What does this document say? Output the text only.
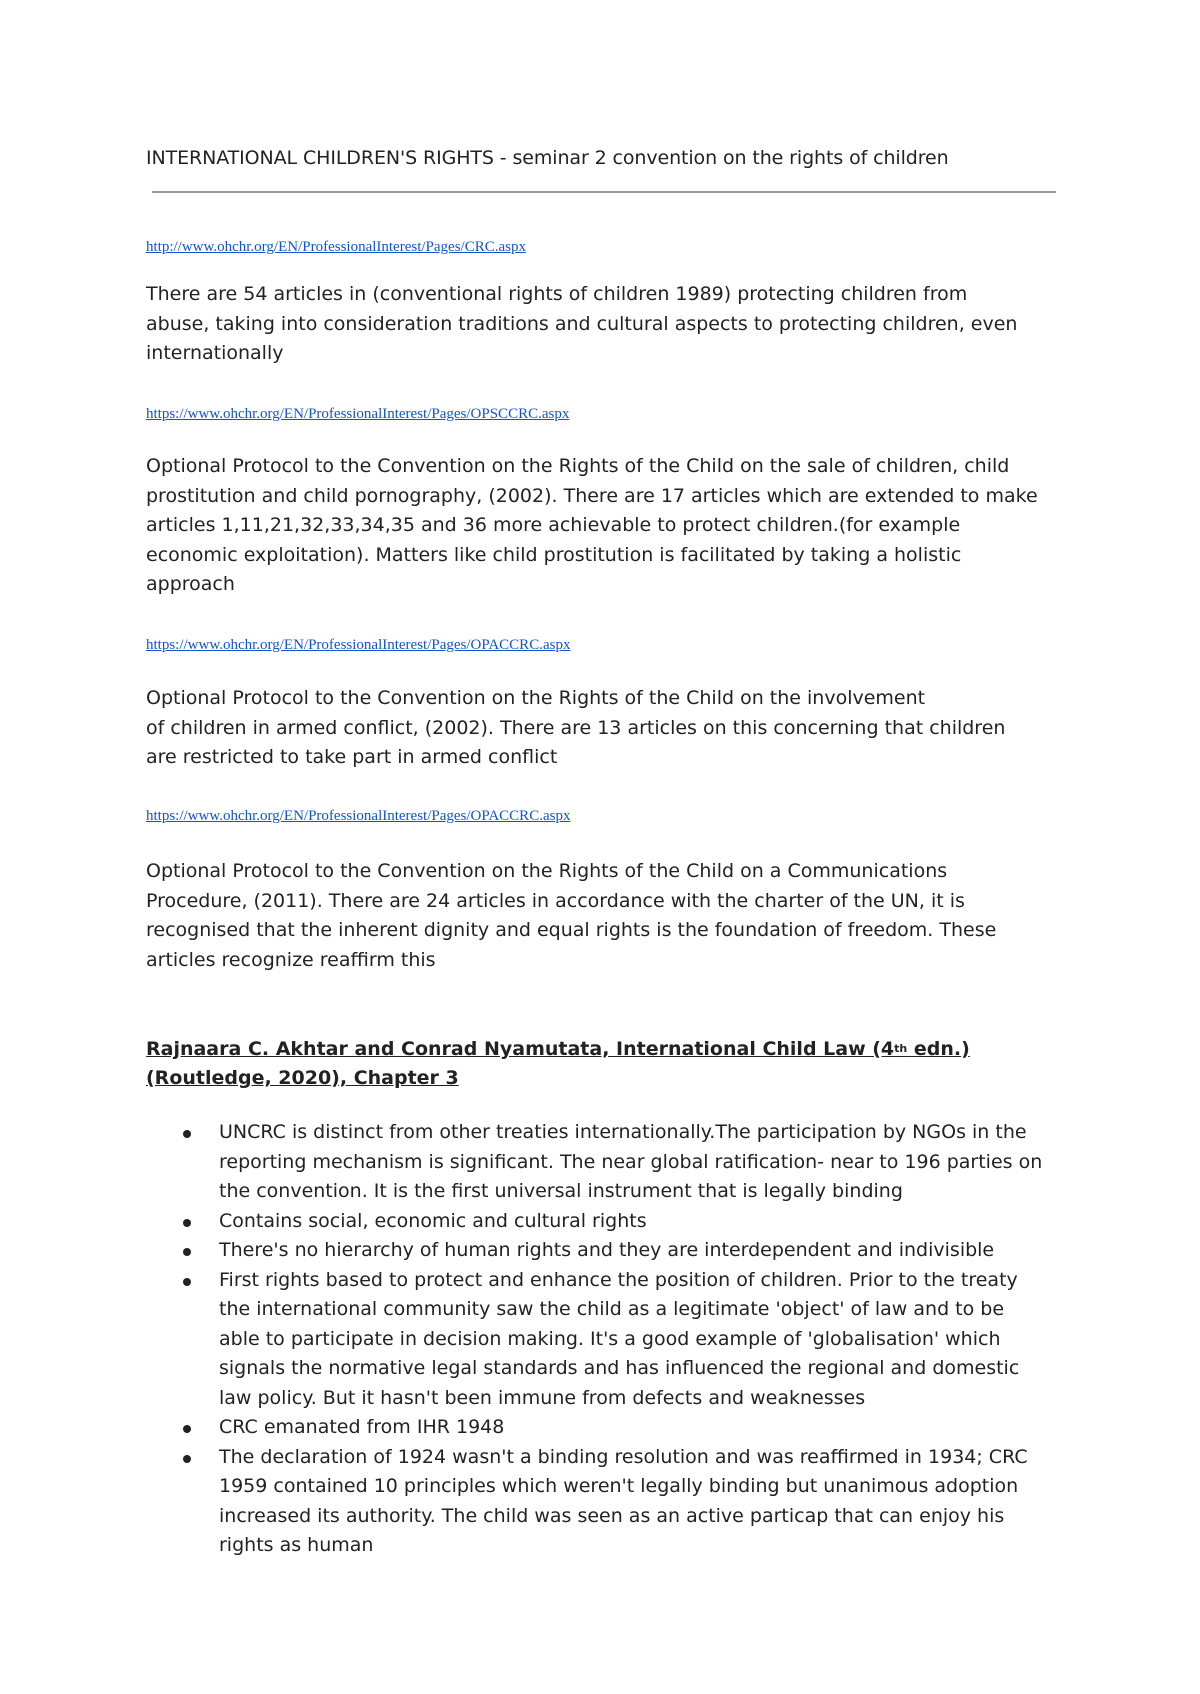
INTERNATIONAL CHILDREN'S RIGHTS - seminar 2 convention on the rights of children
http://www.ohchr.org/EN/ProfessionalInterest/Pages/CRC.aspx
There are 54 articles in (conventional rights of children 1989) protecting children from
abuse, taking into consideration traditions and cultural aspects to protecting children, even
internationally
https://www.ohchr.org/EN/ProfessionalInterest/Pages/OPSCCRC.aspx
Optional Protocol to the Convention on the Rights of the Child on the sale of children, child
prostitution and child pornography, (2002). There are 17 articles which are extended to make
articles 1,11,21,32,33,34,35 and 36 more achievable to protect children.(for example
economic exploitation). Matters like child prostitution is facilitated by taking a holistic
approach
https://www.ohchr.org/EN/ProfessionalInterest/Pages/OPACCRC.aspx
Optional Protocol to the Convention on the Rights of the Child on the involvement
of children in armed conflict, (2002). There are 13 articles on this concerning that children
are restricted to take part in armed conflict
https://www.ohchr.org/EN/ProfessionalInterest/Pages/OPACCRC.aspx
Optional Protocol to the Convention on the Rights of the Child on a Communications
Procedure, (2011). There are 24 articles in accordance with the charter of the UN, it is
recognised that the inherent dignity and equal rights is the foundation of freedom. These
articles recognize reaffirm this
Rajnaara C. Akhtar and Conrad Nyamutata, International Child Law (4th edn.)
(Routledge, 2020), Chapter 3
UNCRC is distinct from other treaties internationally.The participation by NGOs in the
reporting mechanism is significant. The near global ratification- near to 196 parties on
the convention. It is the first universal instrument that is legally binding
Contains social, economic and cultural rights
There's no hierarchy of human rights and they are interdependent and indivisible
First rights based to protect and enhance the position of children. Prior to the treaty
the international community saw the child as a legitimate 'object' of law and to be
able to participate in decision making. It's a good example of 'globalisation' which
signals the normative legal standards and has influenced the regional and domestic
law policy. But it hasn't been immune from defects and weaknesses
CRC emanated from IHR 1948
The declaration of 1924 wasn't a binding resolution and was reaffirmed in 1934; CRC
1959 contained 10 principles which weren't legally binding but unanimous adoption
increased its authority. The child was seen as an active particap that can enjoy his
rights as human
